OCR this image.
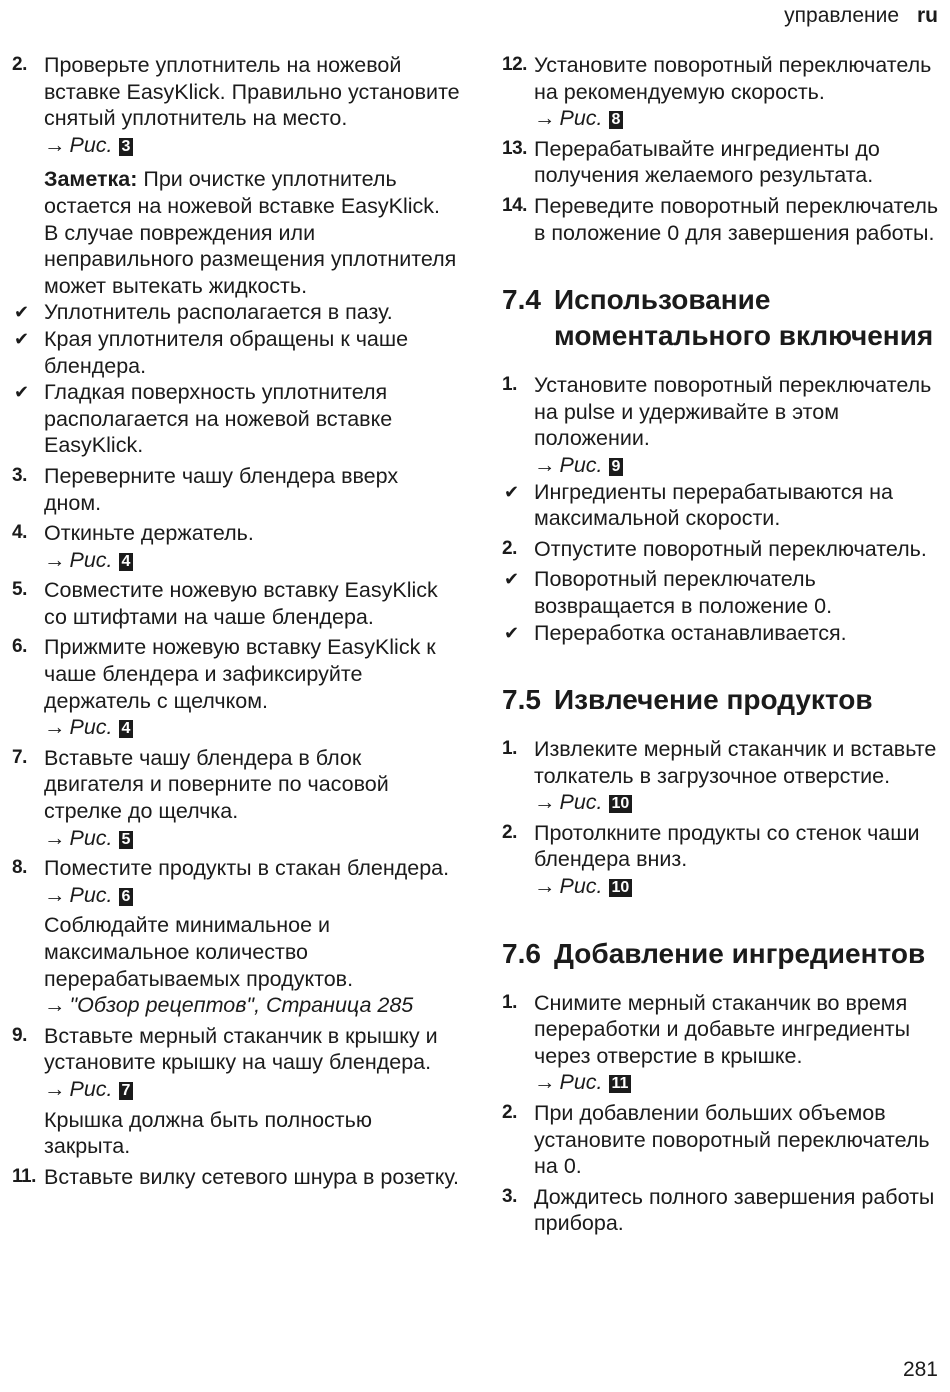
управление ru
2. Проверьте уплотнитель на ножевой вставке EasyKlick. Правильно установите снятый уплотнитель на место.
→ Рис. 3
Заметка: При очистке уплотнитель остается на ножевой вставке EasyKlick. В случае повреждения или неправильного размещения уплотнителя может вытекать жидкость.
✔ Уплотнитель располагается в пазу.
✔ Края уплотнителя обращены к чаше блендера.
✔ Гладкая поверхность уплотнителя располагается на ножевой вставке EasyKlick.
3. Переверните чашу блендера вверх дном.
4. Откиньте держатель.
→ Рис. 4
5. Совместите ножевую вставку EasyKlick со штифтами на чаше блендера.
6. Прижмите ножевую вставку EasyKlick к чаше блендера и зафиксируйте держатель с щелчком.
→ Рис. 4
7. Вставьте чашу блендера в блок двигателя и поверните по часовой стрелке до щелчка.
→ Рис. 5
8. Поместите продукты в стакан блендера.
→ Рис. 6
Соблюдайте минимальное и максимальное количество перерабатываемых продуктов.
→ "Обзор рецептов", Страница 285
9. Вставьте мерный стаканчик в крышку и установите крышку на чашу блендера.
→ Рис. 7
Крышка должна быть полностью закрыта.
11. Вставьте вилку сетевого шнура в розетку.
12. Установите поворотный переключатель на рекомендуемую скорость.
→ Рис. 8
13. Перерабатывайте ингредиенты до получения желаемого результата.
14. Переведите поворотный переключатель в положение 0 для завершения работы.
7.4 Использование моментального включения
1. Установите поворотный переключатель на pulse и удерживайте в этом положении.
→ Рис. 9
✔ Ингредиенты перерабатываются на максимальной скорости.
2. Отпустите поворотный переключатель.
✔ Поворотный переключатель возвращается в положение 0.
✔ Переработка останавливается.
7.5 Извлечение продуктов
1. Извлеките мерный стаканчик и вставьте толкатель в загрузочное отверстие.
→ Рис. 10
2. Протолкните продукты со стенок чаши блендера вниз.
→ Рис. 10
7.6 Добавление ингредиентов
1. Снимите мерный стаканчик во время переработки и добавьте ингредиенты через отверстие в крышке.
→ Рис. 11
2. При добавлении больших объемов установите поворотный переключатель на 0.
3. Дождитесь полного завершения работы прибора.
281
